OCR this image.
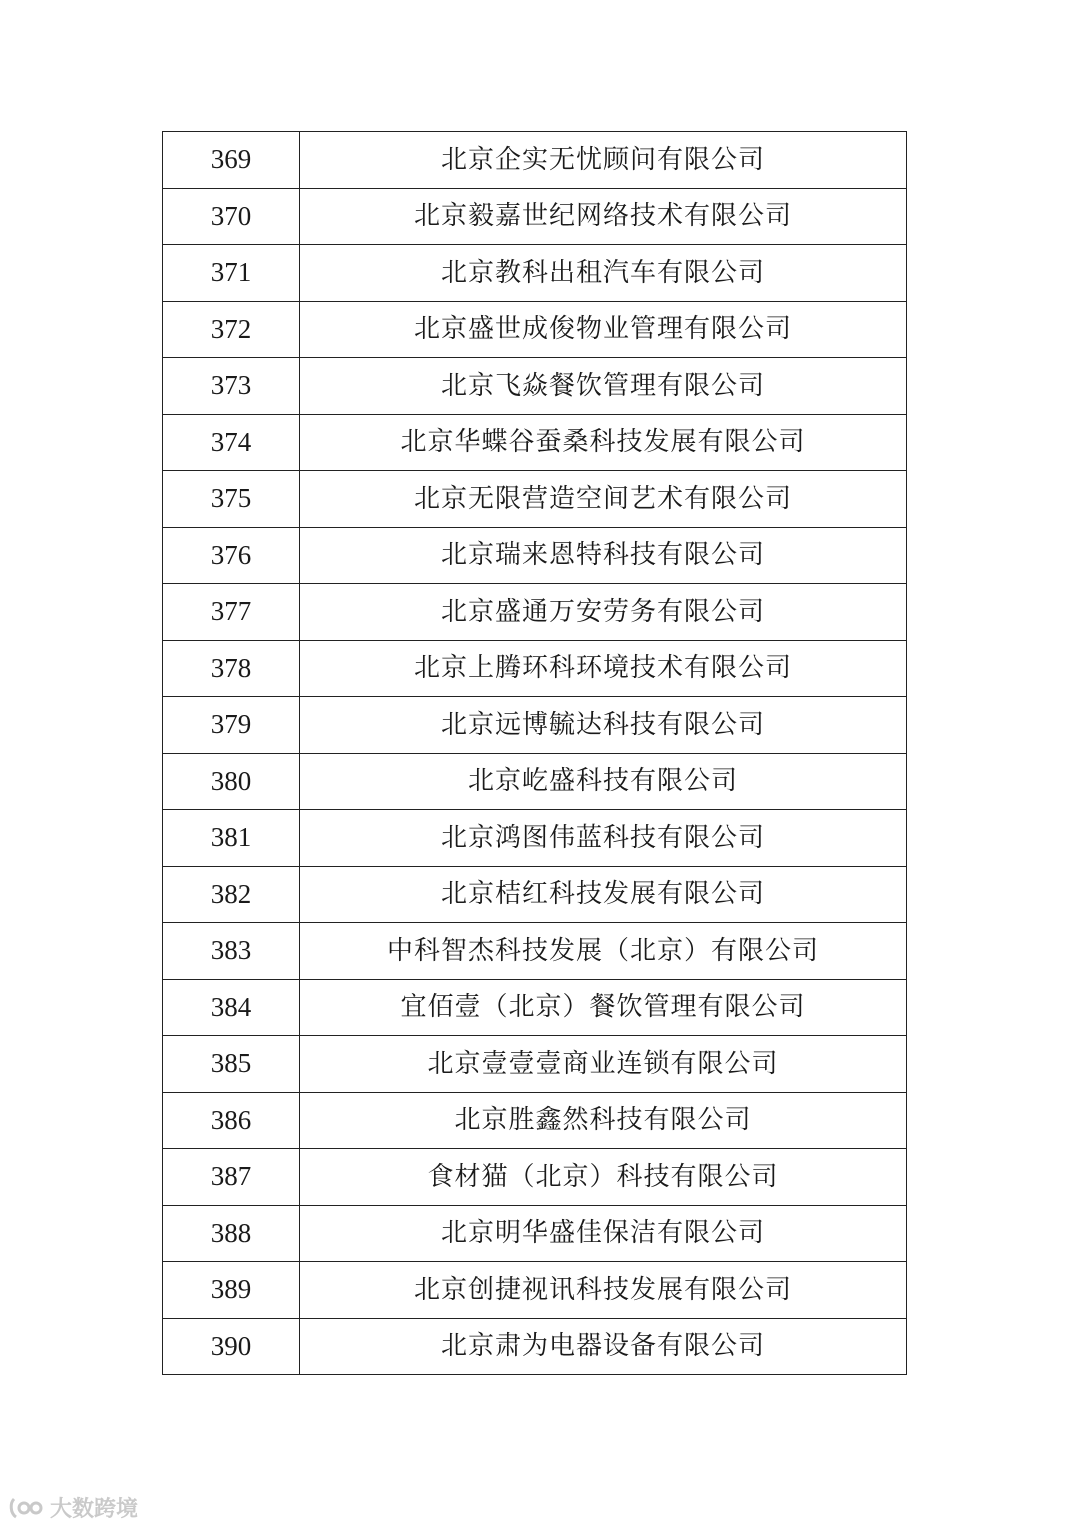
369	北京企实无忧顾问有限公司
370	北京毅嘉世纪网络技术有限公司
371	北京教科出租汽车有限公司
372	北京盛世成俊物业管理有限公司
373	北京飞焱餐饮管理有限公司
374	北京华蝶谷蚕桑科技发展有限公司
375	北京无限营造空间艺术有限公司
376	北京瑞来恩特科技有限公司
377	北京盛通万安劳务有限公司
378	北京上腾环科环境技术有限公司
379	北京远博毓达科技有限公司
380	北京屹盛科技有限公司
381	北京鸿图伟蓝科技有限公司
382	北京桔红科技发展有限公司
383	中科智杰科技发展（北京）有限公司
384	宜佰壹（北京）餐饮管理有限公司
385	北京壹壹壹商业连锁有限公司
386	北京胜鑫然科技有限公司
387	食材猫（北京）科技有限公司
388	北京明华盛佳保洁有限公司
389	北京创捷视讯科技发展有限公司
390	北京肃为电器设备有限公司
大数跨境
